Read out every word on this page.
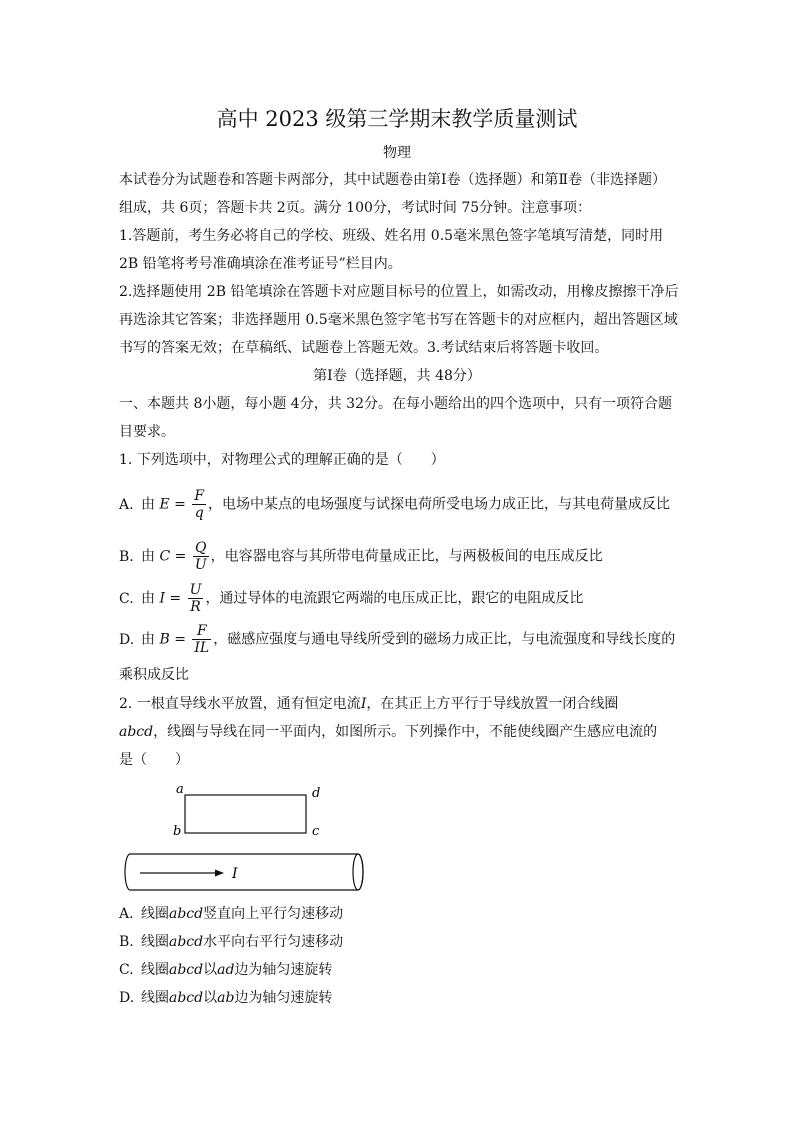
高中 2023 级第三学期末教学质量测试
物理

本试卷分为试题卷和答题卡两部分，其中试题卷由第Ⅰ卷（选择题）和第Ⅱ卷（非选择题）组成，共 6页；答题卡共 2页。满分 100分，考试时间 75分钟。注意事项：

1.答题前，考生务必将自己的学校、班级、姓名用 0.5毫米黑色签字笔填写清楚，同时用 2B 铅笔将考号准确填涂在准考证号”栏目内。

2.选择题使用 2B 铅笔填涂在答题卡对应题目标号的位置上，如需改动，用橡皮擦擦干净后再选涂其它答案；非选择题用 0.5毫米黑色签字笔书写在答题卡的对应框内，超出答题区域书写的答案无效；在草稿纸、试题卷上答题无效。3.考试结束后将答题卡收回。

第Ⅰ卷（选择题，共 48分）

一、本题共 8小题，每小题 4分，共 32分。在每小题给出的四个选项中，只有一项符合题目要求。

1. 下列选项中，对物理公式的理解正确的是（　　）
A. 由 $E = \frac{F}{q}$ ，电场中某点的电场强度与试探电荷所受电场力成正比，与其电荷量成反比
B. 由 $C = \frac{Q}{U}$ ，电容器电容与其所带电荷量成正比，与两极板间的电压成反比
C. 由 $I = \frac{U}{R}$ ，通过导体的电流跟它两端的电压成正比，跟它的电阻成反比
D. 由 $B = \frac{F}{IL}$ ，磁感应强度与通电导线所受到的磁场力成正比，与电流强度和导线长度的
乘积成反比
2. 一根直导线水平放置，通有恒定电流I，在其正上方平行于导线放置一闭合线圈
abcd，线圈与导线在同一平面内，如图所示。下列操作中，不能使线圈产生感应电流的
是（　　）
a
b	c
d
I
A. 线圈abcd竖直向上平行匀速移动
B. 线圈abcd水平向右平行匀速移动
C. 线圈abcd以ad边为轴匀速旋转
D. 线圈abcd以ab边为轴匀速旋转
